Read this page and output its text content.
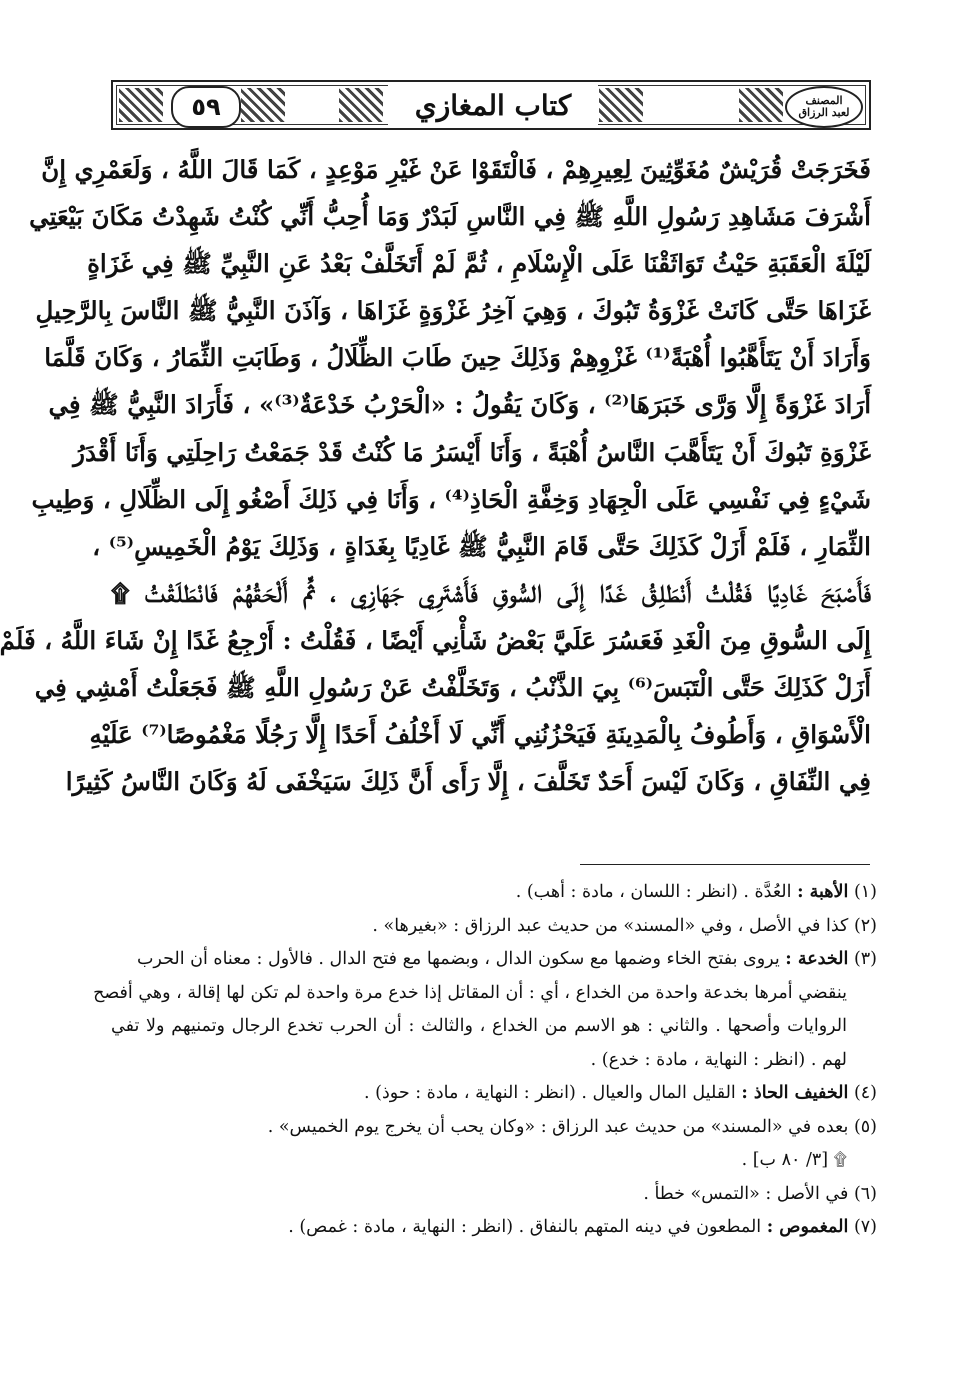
٥٩	كتاب المغازي	المصنف
لعبد الرزاق
فَخَرَجَتْ قُرَيْشٌ مُغَوِّثِينَ لِعِيرِهِمْ ، فَالْتَقَوْا عَنْ غَيْرِ مَوْعِدٍ ، كَمَا قَالَ اللَّهُ ، وَلَعَمْرِي إِنَّ
أَشْرَفَ مَشَاهِدِ رَسُولِ اللَّهِ ﷺ فِي النَّاسِ لَبَدْرٌ وَمَا أُحِبُّ أَنِّي كُنْتُ شَهِدْتُ مَكَانَ بَيْعَتِي
لَيْلَةَ الْعَقَبَةِ حَيْثُ تَوَاثَقْنَا عَلَى الْإِسْلَامِ ، ثُمَّ لَمْ أَتَخَلَّفْ بَعْدُ عَنِ النَّبِيِّ ﷺ فِي غَزَاةٍ
غَزَاهَا حَتَّى كَانَتْ غَزْوَةُ تَبُوكَ ، وَهِيَ آخِرُ غَزْوَةٍ غَزَاهَا ، وَآذَنَ النَّبِيُّ ﷺ النَّاسَ بِالرَّحِيلِ
وَأَرَادَ أَنْ يَتَأَهَّبُوا أُهْبَةً⁽¹⁾ غَزْوِهِمْ وَذَلِكَ حِينَ طَابَ الظِّلَالُ ، وَطَابَتِ الثِّمَارُ ، وَكَانَ قَلَّمَا
أَرَادَ غَزْوَةً إِلَّا وَرَّى خَبَرَهَا⁽²⁾ ، وَكَانَ يَقُولُ : «الْحَرْبُ خَدْعَةٌ⁽³⁾» ، فَأَرَادَ النَّبِيُّ ﷺ فِي
غَزْوَةِ تَبُوكَ أَنْ يَتَأَهَّبَ النَّاسُ أُهْبَةً ، وَأَنَا أَيْسَرُ مَا كُنْتُ قَدْ جَمَعْتُ رَاحِلَتِي وَأَنَا أَقْدَرُ
شَيْءٍ فِي نَفْسِي عَلَى الْجِهَادِ وَخِفَّةِ الْحَاذِ⁽⁴⁾ ، وَأَنَا فِي ذَلِكَ أَصْغُو إِلَى الظِّلَالِ ، وَطِيبِ
الثِّمَارِ ، فَلَمْ أَزَلْ كَذَلِكَ حَتَّى قَامَ النَّبِيُّ ﷺ غَادِيًا بِغَدَاةٍ ، وَذَلِكَ يَوْمُ الْخَمِيسِ⁽⁵⁾ ،
فَأَصْبَحَ غَادِيًا فَقُلْتُ أَنْطَلِقُ غَدًا إِلَى السُّوقِ فَأَشْتَرِي جَهَازِي ، ثُمَّ أَلْحَقُهُمْ فَانْطَلَقْتُ ۩
إِلَى السُّوقِ مِنَ الْغَدِ فَعَسُرَ عَلَيَّ بَعْضُ شَأْنِي أَيْضًا ، فَقُلْتُ : أَرْجِعُ غَدًا إِنْ شَاءَ اللَّهُ ، فَلَمْ
أَزَلْ كَذَلِكَ حَتَّى الْتَبَسَ⁽⁶⁾ بِيَ الذَّنْبُ ، وَتَخَلَّفْتُ عَنْ رَسُولِ اللَّهِ ﷺ فَجَعَلْتُ أَمْشِي فِي
الْأَسْوَاقِ ، وَأَطُوفُ بِالْمَدِينَةِ فَيَحْزُنُنِي أَنِّي لَا أَخْلُفُ أَحَدًا إِلَّا رَجُلًا مَغْمُوصًا⁽⁷⁾ عَلَيْهِ
فِي النِّفَاقِ ، وَكَانَ لَيْسَ أَحَدٌ تَخَلَّفَ ، إِلَّا رَأَى أَنَّ ذَلِكَ سَيَخْفَى لَهُ وَكَانَ النَّاسُ كَثِيرًا
(١) الأهبة : العُدَّة . (انظر : اللسان ، مادة : أهب) .
(٢) كذا في الأصل ، وفي «المسند» من حديث عبد الرزاق : «بغيرها» .
(٣) الخدعة : يروى بفتح الخاء وضمها مع سكون الدال ، وبضمها مع فتح الدال . فالأول : معناه أن الحرب
ينقضي أمرها بخدعة واحدة من الخداع ، أي : أن المقاتل إذا خدع مرة واحدة لم تكن لها إقالة ، وهي أفصح
الروايات وأصحها . والثاني : هو الاسم من الخداع ، والثالث : أن الحرب تخدع الرجال وتمنيهم ولا تفي
لهم . (انظر : النهاية ، مادة : خدع) .
(٤) الخفيف الحاذ : القليل المال والعيال . (انظر : النهاية ، مادة : حوذ) .
(٥) بعده في «المسند» من حديث عبد الرزاق : «وكان يحب أن يخرج يوم الخميس» .
۩ [٣/ ٨٠ ب] .
(٦) في الأصل : «التمس» خطأ .
(٧) المغموص : المطعون في دينه المتهم بالنفاق . (انظر : النهاية ، مادة : غمص) .
